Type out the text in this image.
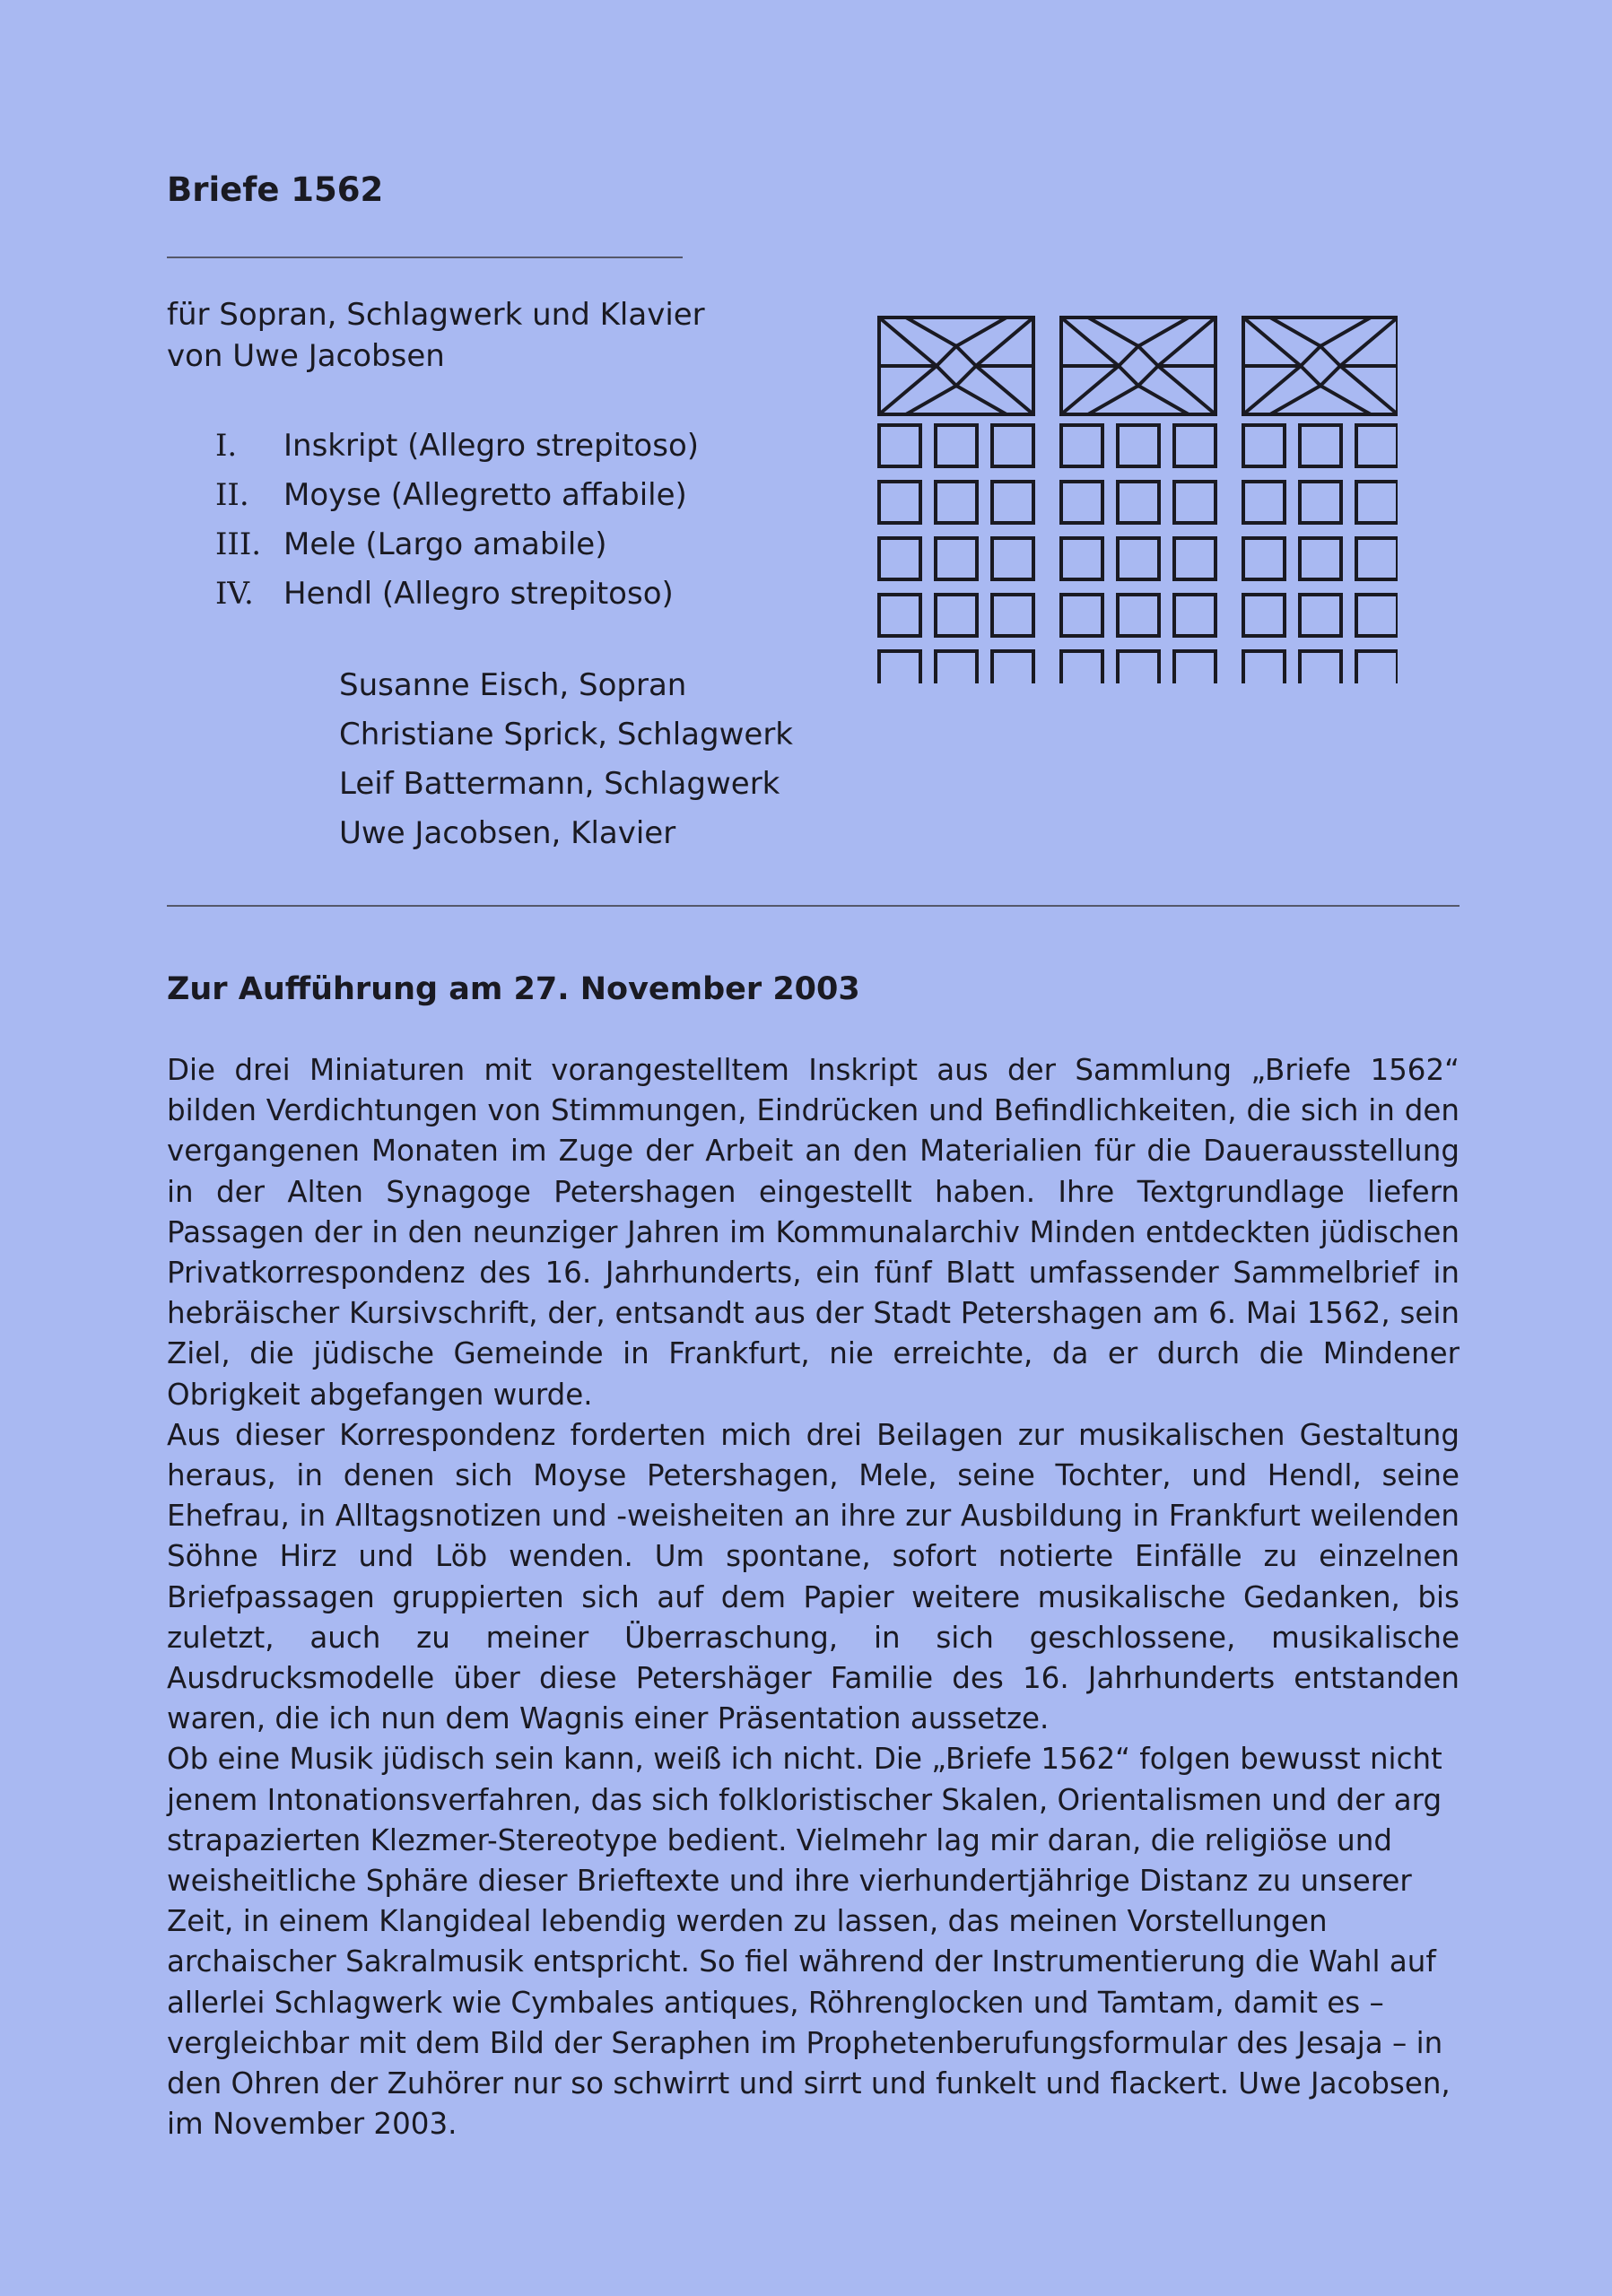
Briefe 1562
für Sopran, Schlagwerk und Klavier
von Uwe Jacobsen
I.	Inskript (Allegro strepitoso)
II.	Moyse (Allegretto affabile)
III. Mele (Largo amabile)
IV. Hendl (Allegro strepitoso)
Susanne Eisch, Sopran
Christiane Sprick, Schlagwerk
Leif Battermann, Schlagwerk
Uwe Jacobsen, Klavier
Zur Aufführung am 27. November 2003

Die drei Miniaturen mit vorangestelltem Inskript aus der Sammlung „Briefe 1562“ bilden Verdichtungen von Stimmungen, Eindrücken und Befindlichkeiten, die sich in den vergangenen Monaten im Zuge der Arbeit an den Materialien für die Dauerausstellung in der Alten Synagoge Petershagen eingestellt haben. Ihre Textgrundlage liefern Passagen der in den neunziger Jahren im Kommunalarchiv Minden entdeckten jüdischen Privatkorrespondenz des 16. Jahrhunderts, ein fünf Blatt umfassender Sammelbrief in hebräischer Kursivschrift, der, entsandt aus der Stadt Petershagen am 6. Mai 1562, sein Ziel, die jüdische Gemeinde in Frankfurt, nie erreichte, da er durch die Mindener Obrigkeit abgefangen wurde.

Aus dieser Korrespondenz forderten mich drei Beilagen zur musikalischen Gestaltung heraus, in denen sich Moyse Petershagen, Mele, seine Tochter, und Hendl, seine Ehefrau, in Alltagsnotizen und -weisheiten an ihre zur Ausbildung in Frankfurt weilenden Söhne Hirz und Löb wenden. Um spontane, sofort notierte Einfälle zu einzelnen Briefpassagen gruppierten sich auf dem Papier weitere musikalische Gedanken, bis zuletzt, auch zu meiner Überraschung, in sich geschlossene, musikalische Ausdrucksmodelle über diese Petershäger Familie des 16. Jahrhunderts entstanden waren, die ich nun dem Wagnis einer Präsentation aussetze.

Ob eine Musik jüdisch sein kann, weiß ich nicht. Die „Briefe 1562“ folgen bewusst nicht jenem Intonationsverfahren, das sich folkloristischer Skalen, Orientalismen und der arg strapazierten Klezmer-Stereotype bedient. Vielmehr lag mir daran, die religiöse und weisheitliche Sphäre dieser Brieftexte und ihre vierhundertjährige Distanz zu unserer Zeit, in einem Klangideal lebendig werden zu lassen, das meinen Vorstellungen archaischer Sakralmusik entspricht. So fiel während der Instrumentierung die Wahl auf allerlei Schlagwerk wie Cymbales antiques, Röhrenglocken und Tamtam, damit es – vergleichbar mit dem Bild der Seraphen im Prophetenberufungsformular des Jesaja – in den Ohren der Zuhörer nur so schwirrt und sirrt und funkelt und flackert. Uwe Jacobsen, im November 2003.
